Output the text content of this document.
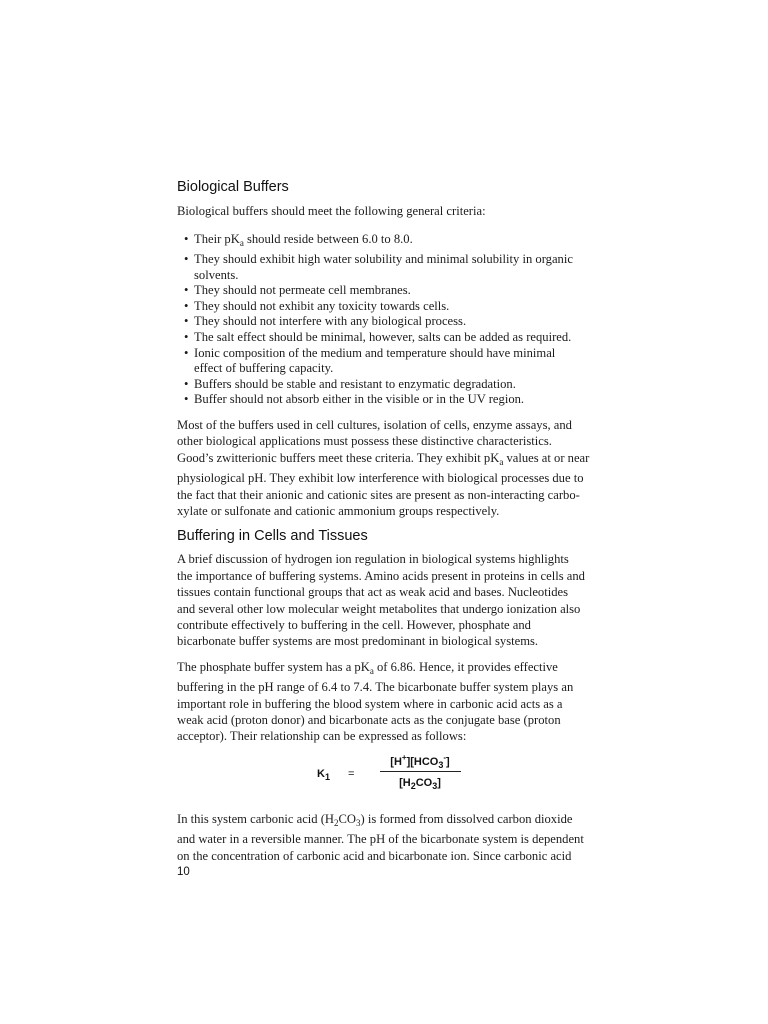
Biological Buffers

Biological buffers should meet the following general criteria:

• Their $pK_a$ should reside between 6.0 to 8.0.
• They should exhibit high water solubility and minimal solubility in organic
solvents.
• They should not permeate cell membranes.
• They should not exhibit any toxicity towards cells.
• They should not interfere with any biological process.
• The salt effect should be minimal, however, salts can be added as required.
• Ionic composition of the medium and temperature should have minimal
effect of buffering capacity.
• Buffers should be stable and resistant to enzymatic degradation.
• Buffer should not absorb either in the visible or in the UV region.

Most of the buffers used in cell cultures, isolation of cells, enzyme assays, and
other biological applications must possess these distinctive characteristics.
Good’s zwitterionic buffers meet these criteria. They exhibit $pK_a$ values at or near
physiological pH. They exhibit low interference with biological processes due to
the fact that their anionic and cationic sites are present as non-interacting carbo-
xylate or sulfonate and cationic ammonium groups respectively.

Buffering in Cells and Tissues

A brief discussion of hydrogen ion regulation in biological systems highlights
the importance of buffering systems. Amino acids present in proteins in cells and
tissues contain functional groups that act as weak acid and bases. Nucleotides
and several other low molecular weight metabolites that undergo ionization also
contribute effectively to buffering in the cell. However, phosphate and
bicarbonate buffer systems are most predominant in biological systems.

The phosphate buffer system has a $pK_a$ of 6.86. Hence, it provides effective
buffering in the pH range of 6.4 to 7.4. The bicarbonate buffer system plays an
important role in buffering the blood system where in carbonic acid acts as a
weak acid (proton donor) and bicarbonate acts as the conjugate base (proton
acceptor). Their relationship can be expressed as follows:

$K_1$ =
$[H^+][HCO_3^-]$
$[H_2CO_3]$

In this system carbonic acid $(H_2CO_3)$ is formed from dissolved carbon dioxide
and water in a reversible manner. The pH of the bicarbonate system is dependent
on the concentration of carbonic acid and bicarbonate ion. Since carbonic acid

10
